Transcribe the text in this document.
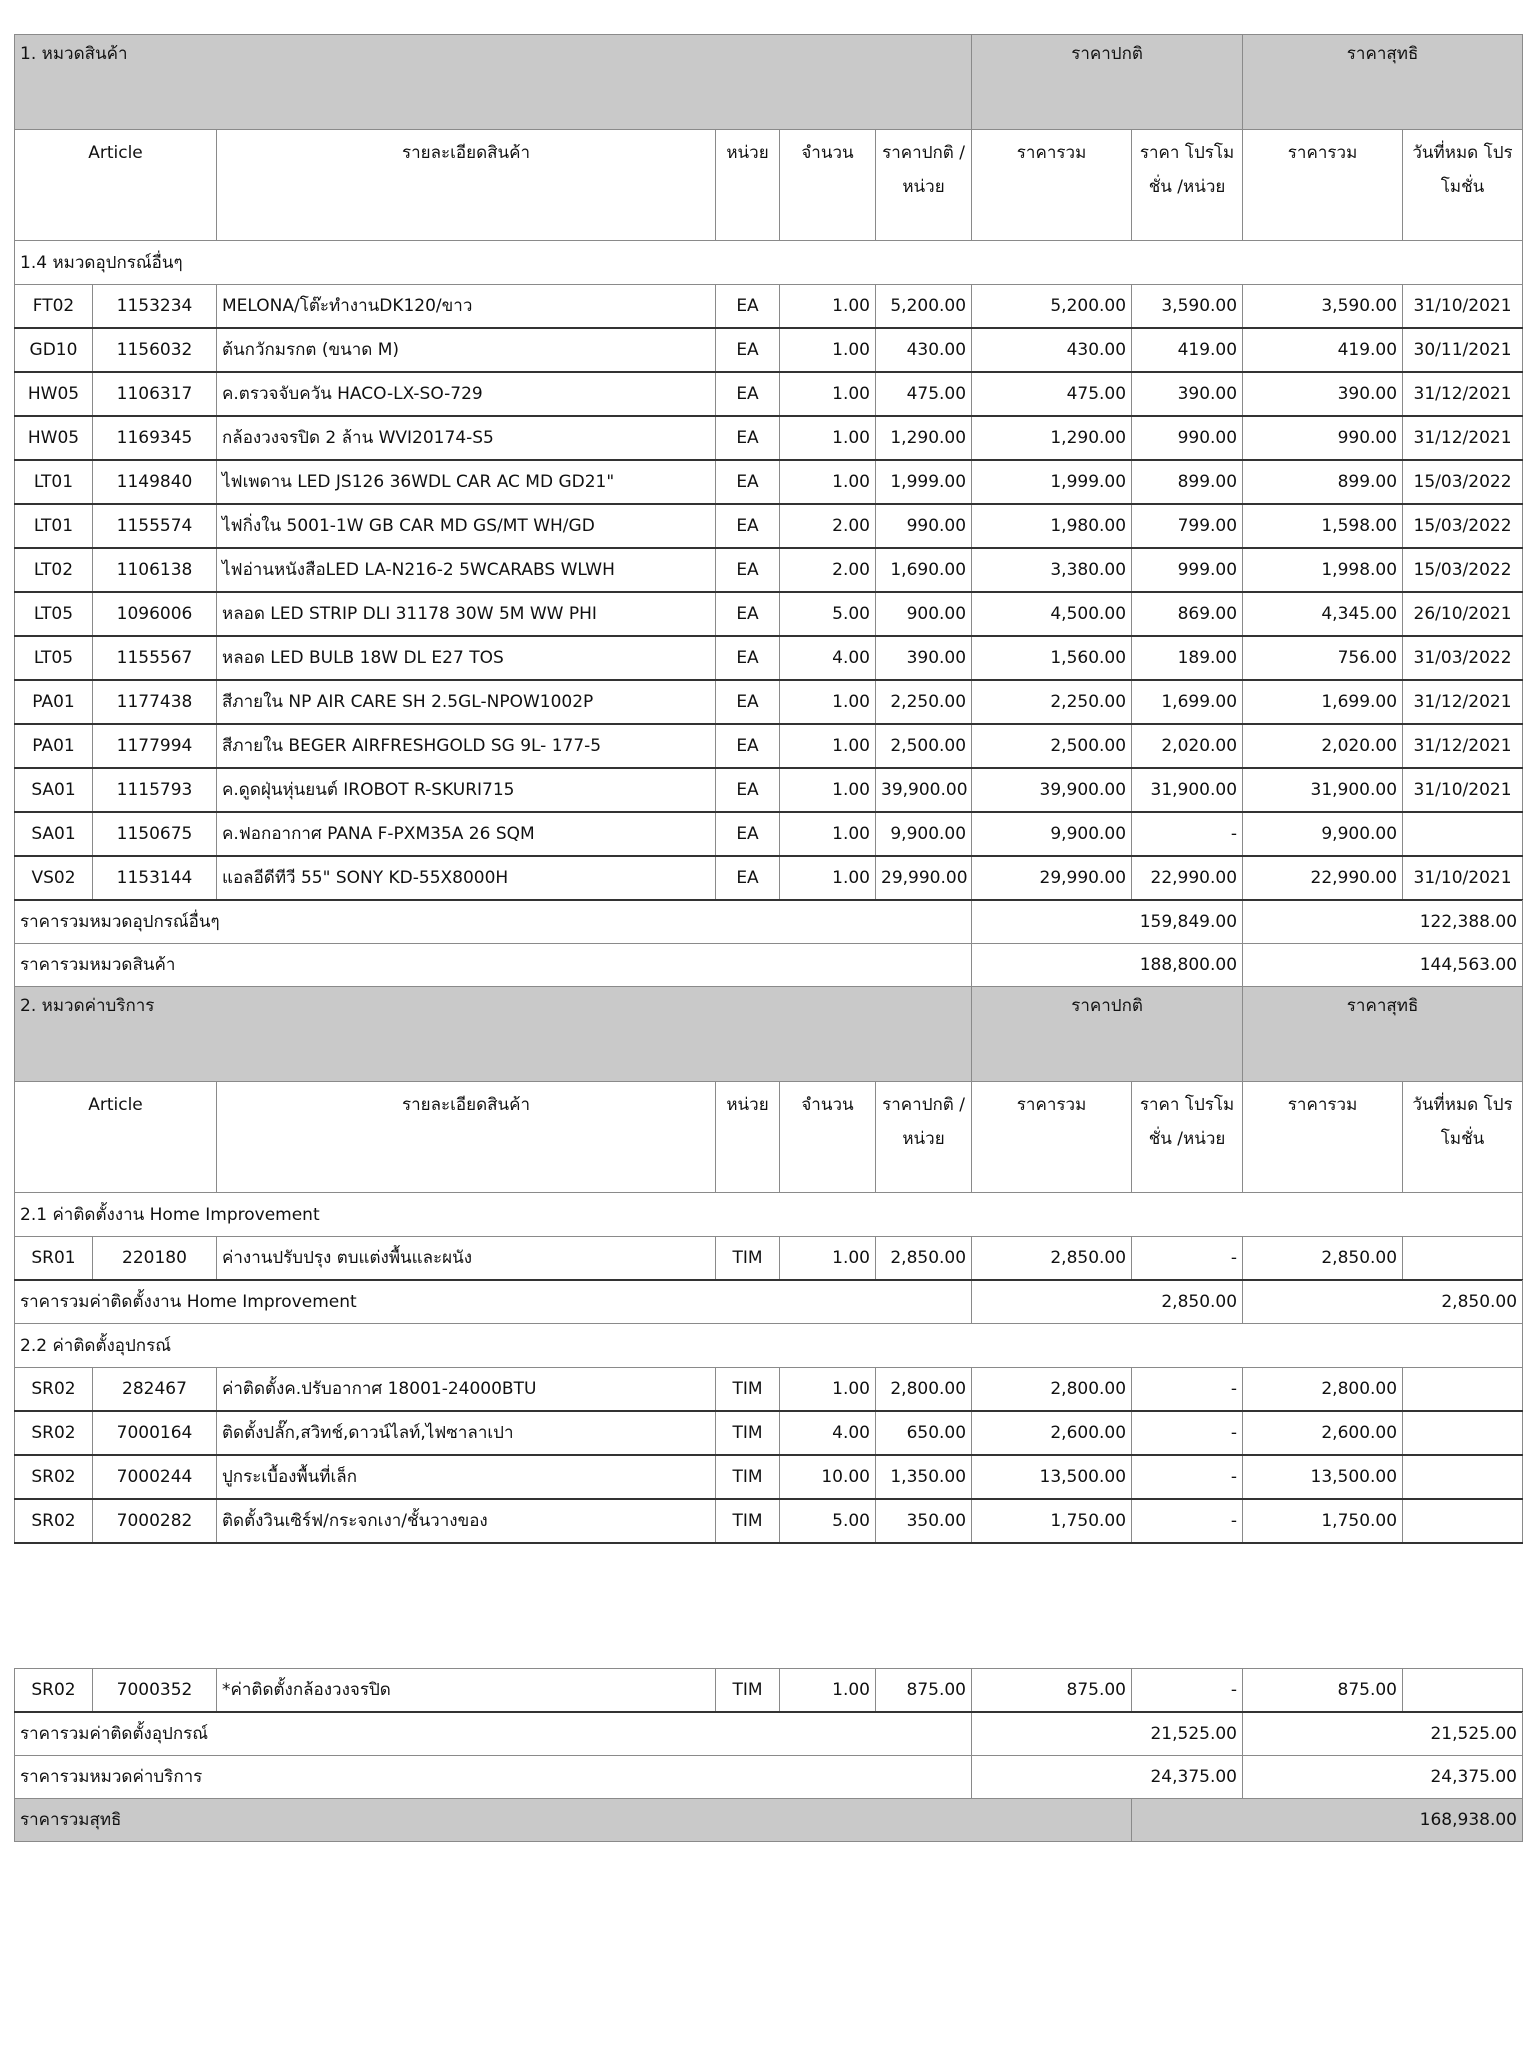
1. หมวดสินค้า						ราคาปกติ		ราคาสุทธิ		
Article		รายละเอียดสินค้า	หน่วย	จำนวน	ราคาปกติ /หน่วย	ราคารวม	ราคา โปรโมชั่น /หน่วย	ราคารวม	วันที่หมด โปรโมชั่น	
1.4 หมวดอุปกรณ์อื่นๆ										
FT02	1153234	MELONA/โต๊ะทำงานDK120/ขาว	EA	1.00	5,200.00	5,200.00	3,590.00	3,590.00	31/10/2021	
GD10	1156032	ต้นกวักมรกต (ขนาด M)	EA	1.00	430.00	430.00	419.00	419.00	30/11/2021	
HW05	1106317	ค.ตรวจจับควัน HACO-LX-SO-729	EA	1.00	475.00	475.00	390.00	390.00	31/12/2021	
HW05	1169345	กล้องวงจรปิด 2 ล้าน WVI20174-S5	EA	1.00	1,290.00	1,290.00	990.00	990.00	31/12/2021	
LT01	1149840	ไฟเพดาน LED JS126 36WDL CAR AC MD GD21"	EA	1.00	1,999.00	1,999.00	899.00	899.00	15/03/2022	
LT01	1155574	ไฟกิ่งใน 5001-1W GB CAR MD GS/MT WH/GD	EA	2.00	990.00	1,980.00	799.00	1,598.00	15/03/2022	
LT02	1106138	ไฟอ่านหนังสือLED LA-N216-2 5WCARABS WLWH	EA	2.00	1,690.00	3,380.00	999.00	1,998.00	15/03/2022	
LT05	1096006	หลอด LED STRIP DLI 31178 30W 5M WW PHI	EA	5.00	900.00	4,500.00	869.00	4,345.00	26/10/2021	
LT05	1155567	หลอด LED BULB 18W DL E27 TOS	EA	4.00	390.00	1,560.00	189.00	756.00	31/03/2022	
PA01	1177438	สีภายใน NP AIR CARE SH 2.5GL-NPOW1002P	EA	1.00	2,250.00	2,250.00	1,699.00	1,699.00	31/12/2021	
PA01	1177994	สีภายใน BEGER AIRFRESHGOLD SG 9L- 177-5	EA	1.00	2,500.00	2,500.00	2,020.00	2,020.00	31/12/2021	
SA01	1115793	ค.ดูดฝุ่นหุ่นยนต์ IROBOT R-SKURI715	EA	1.00	39,900.00	39,900.00	31,900.00	31,900.00	31/10/2021	
SA01	1150675	ค.ฟอกอากาศ PANA F-PXM35A 26 SQM	EA	1.00	9,900.00	9,900.00	-	9,900.00		
VS02	1153144	แอลอีดีทีวี 55" SONY KD-55X8000H	EA	1.00	29,990.00	29,990.00	22,990.00	22,990.00	31/10/2021	
ราคารวมหมวดอุปกรณ์อื่นๆ						159,849.00		122,388.00		
ราคารวมหมวดสินค้า						188,800.00		144,563.00		
2. หมวดค่าบริการ						ราคาปกติ		ราคาสุทธิ		
Article		รายละเอียดสินค้า	หน่วย	จำนวน	ราคาปกติ /หน่วย	ราคารวม	ราคา โปรโมชั่น /หน่วย	ราคารวม	วันที่หมด โปรโมชั่น	
2.1 ค่าติดตั้งงาน Home Improvement										
SR01	220180	ค่างานปรับปรุง ตบแต่งพื้นและผนัง	TIM	1.00	2,850.00	2,850.00	-	2,850.00		
ราคารวมค่าติดตั้งงาน Home Improvement						2,850.00		2,850.00		
2.2 ค่าติดตั้งอุปกรณ์										
SR02	282467	ค่าติดตั้งค.ปรับอากาศ 18001-24000BTU	TIM	1.00	2,800.00	2,800.00	-	2,800.00		
SR02	7000164	ติดตั้งปลั๊ก,สวิทช์,ดาวน์ไลท์,ไฟซาลาเปา	TIM	4.00	650.00	2,600.00	-	2,600.00		
SR02	7000244	ปูกระเบื้องพื้นที่เล็ก	TIM	10.00	1,350.00	13,500.00	-	13,500.00		
SR02	7000282	ติดตั้งวินเซิร์ฟ/กระจกเงา/ชั้นวางของ	TIM	5.00	350.00	1,750.00	-	1,750.00		
SR02	7000352	*ค่าติดตั้งกล้องวงจรปิด	TIM	1.00	875.00	875.00	-	875.00		
ราคารวมค่าติดตั้งอุปกรณ์						21,525.00		21,525.00		
ราคารวมหมวดค่าบริการ						24,375.00		24,375.00		
ราคารวมสุทธิ							168,938.00			
